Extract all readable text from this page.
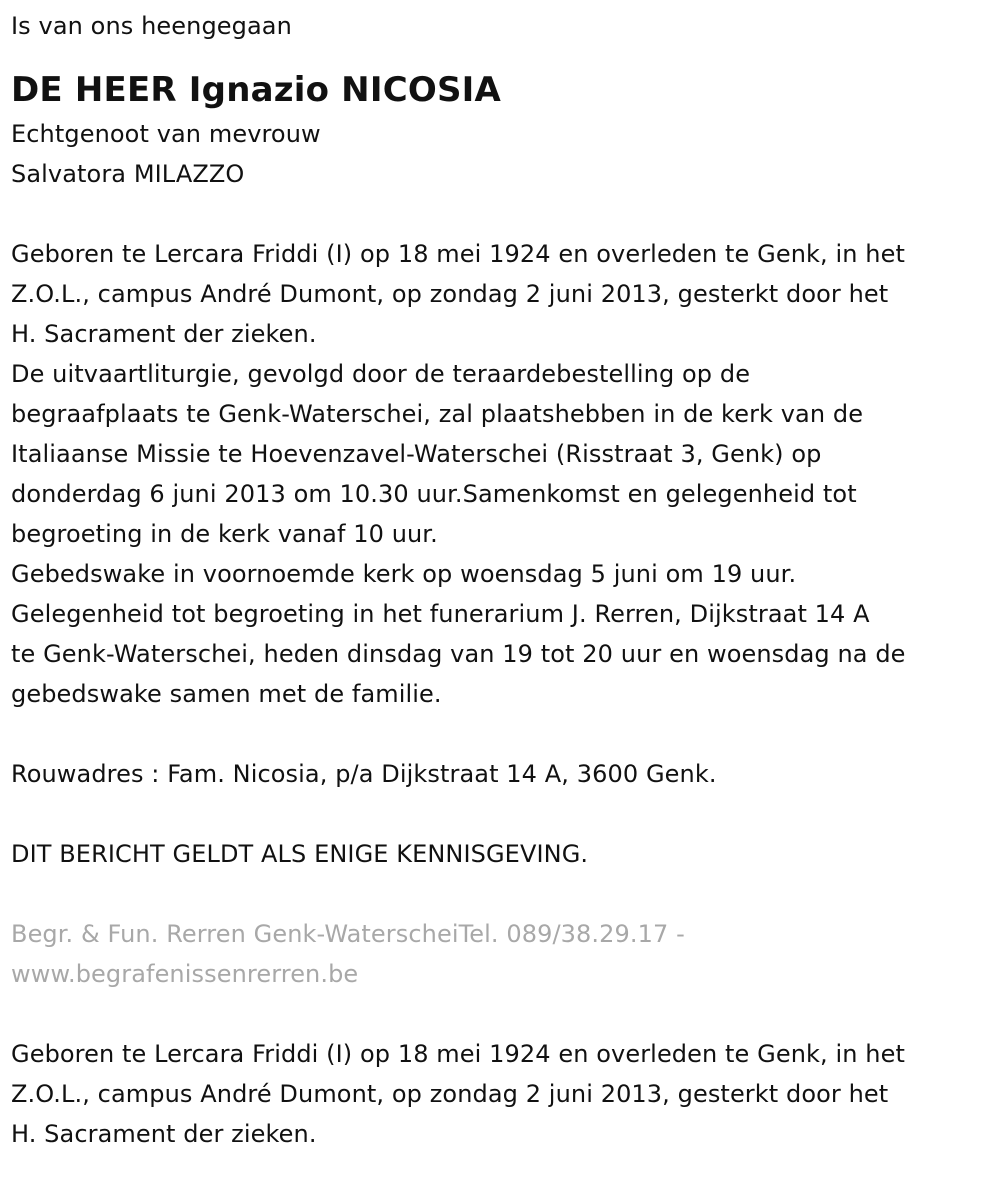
Is van ons heengegaan
DE HEER Ignazio NICOSIA
Echtgenoot van mevrouw
Salvatora MILAZZO
Geboren te Lercara Friddi (I) op 18 mei 1924 en overleden te Genk, in het
Z.O.L., campus André Dumont, op zondag 2 juni 2013, gesterkt door het
H. Sacrament der zieken.
De uitvaartliturgie, gevolgd door de teraardebestelling op de
begraafplaats te Genk-Waterschei, zal plaatshebben in de kerk van de
Italiaanse Missie te Hoevenzavel-Waterschei (Risstraat 3, Genk) op
donderdag 6 juni 2013 om 10.30 uur.Samenkomst en gelegenheid tot
begroeting in de kerk vanaf 10 uur.
Gebedswake in voornoemde kerk op woensdag 5 juni om 19 uur.
Gelegenheid tot begroeting in het funerarium J. Rerren, Dijkstraat 14 A
te Genk-Waterschei, heden dinsdag van 19 tot 20 uur en woensdag na de
gebedswake samen met de familie.
Rouwadres : Fam. Nicosia, p/a Dijkstraat 14 A, 3600 Genk.
DIT BERICHT GELDT ALS ENIGE KENNISGEVING.
Begr. & Fun. Rerren Genk-WaterscheiTel. 089/38.29.17 -
www.begrafenissenrerren.be
Geboren te Lercara Friddi (I) op 18 mei 1924 en overleden te Genk, in het
Z.O.L., campus André Dumont, op zondag 2 juni 2013, gesterkt door het
H. Sacrament der zieken.
